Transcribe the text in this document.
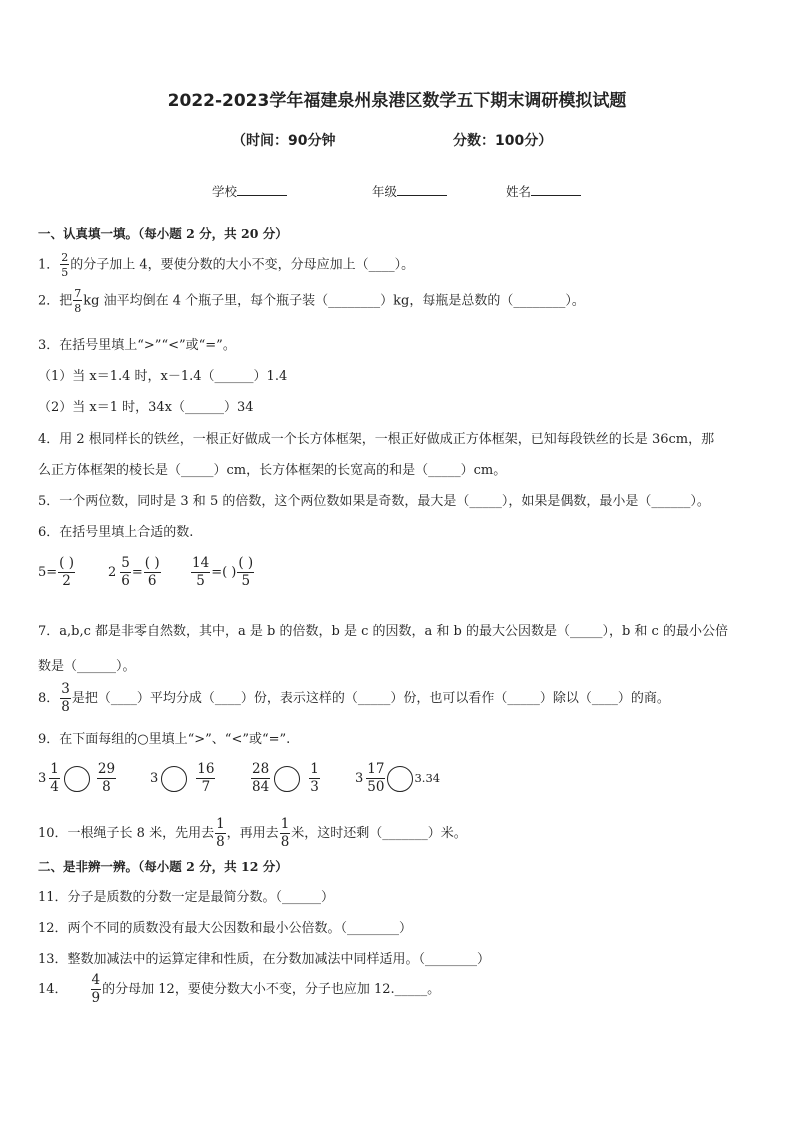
2022-2023学年福建泉州泉港区数学五下期末调研模拟试题
（时间：90分钟	分数：100分）
学校	年级	姓名
一、认真填一填。（每小题 2 分，共 20 分）
1． $\frac{2}{5}$ 的分子加上 4，要使分数的大小不变，分母应加上（____）。
2．把 $\frac{7}{8}$ kg 油平均倒在 4 个瓶子里，每个瓶子装（________）kg，每瓶是总数的（________）。
3．在括号里填上“>”“<”或“=”。
（1）当 x＝1.4 时，x－1.4（______）1.4
（2）当 x＝1 时，34x（______）34
4．用 2 根同样长的铁丝，一根正好做成一个长方体框架，一根正好做成正方体框架，已知每段铁丝的长是 36cm，那
么正方体框架的棱长是（_____）cm，长方体框架的长宽高的和是（_____）cm。
5．一个两位数，同时是 3 和 5 的倍数，这个两位数如果是奇数，最大是（_____），如果是偶数，最小是（______）。
6．在括号里填上合适的数.
$5= \frac{( )}{2}$	$2 \frac{5}{6} = \frac{( )}{6} \frac{14}{5}$ =( ) $\frac{( )}{5}$
7．a,b,c 都是非零自然数，其中，a 是 b 的倍数，b 是 c 的因数，a 和 b 的最大公因数是（_____），b 和 c 的最小公倍
数是（______）。
8． $\frac{3}{8}$ 是把（____）平均分成（____）份，表示这样的（_____）份，也可以看作（_____）除以（____）的商。
9．在下面每组的○里填上“>”、“<”或“=”.
$3 \frac{1}{4}$	$\frac{29}{8}$	3	$\frac{16}{7}$	$\frac{28}{84}$	$\frac{1}{3}$	$3 \frac{17}{50}$	3.34
10．一根绳子长 8 米，先用去 $\frac{1}{8}$ ，再用去 $\frac{1}{8}$ 米，这时还剩（_______）米。
二、是非辨一辨。（每小题 2 分，共 12 分）
11．分子是质数的分数一定是最简分数。（______）
12．两个不同的质数没有最大公因数和最小公倍数。（________）
13．整数加减法中的运算定律和性质，在分数加减法中同样适用。（________）
14． $\frac{4}{9}$ 的分母加 12，要使分数大小不变，分子也应加 12._____。
